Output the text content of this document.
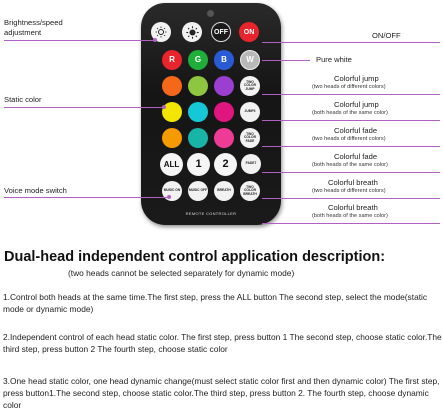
OFF	ON
R	G	B	W
TWO COLOR JUMP
JUMP3
TWO COLOR FADE
ALL	1	2	FADE7
MUSIC ON	MUSIC OFF	BREATH
TWO COLOR BREATH
REMOTE CONTROLLER
Brightness/speed
adjustment
Static color
Voice mode switch
ON/OFF
Pure white
Colorful jump
(two heads of different colors)
Colorful jump
(both heads of the same color)
Colorful fade
(two heads of different colors)
Colorful fade
(both heads of the same color)
Colorful breath
(two heads of different colors)
Colorful breath
(both heads of the same color)
Dual-head independent control application description:
(two heads cannot be selected separately for dynamic mode)
1.Control both heads at the same time.The first step, press the ALL button The second step, select the mode(static mode or dynamic mode)
2.Independent control of each head static color. The first step, press button 1 The second step, choose static color.The third step, press button 2 The fourth step, choose static color
3.One head static color, one head dynamic change(must select static color first and then dynamic color) The first step, press button1.The second step, choose static color.The third step, press button 2. The fourth step, choose dynamic color
